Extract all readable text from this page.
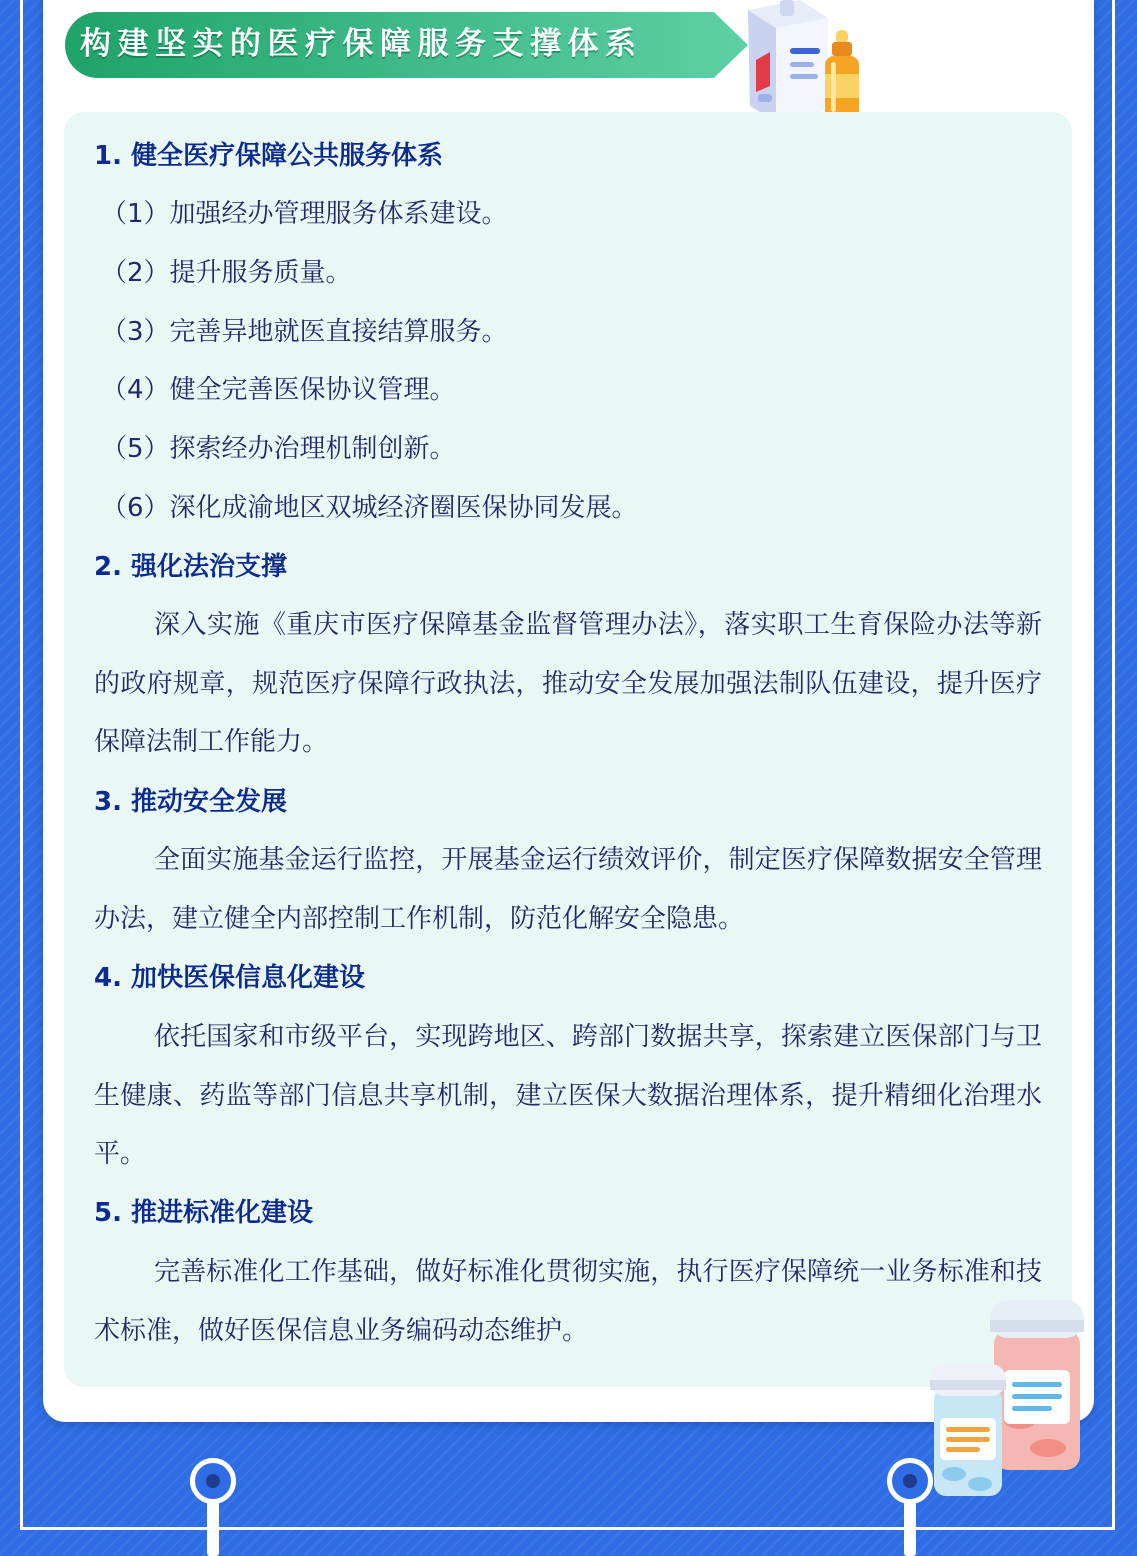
构建坚实的医疗保障服务支撑体系
1. 健全医疗保障公共服务体系
（1）加强经办管理服务体系建设。
（2）提升服务质量。
（3）完善异地就医直接结算服务。
（4）健全完善医保协议管理。
（5）探索经办治理机制创新。
（6）深化成渝地区双城经济圈医保协同发展。
2. 强化法治支撑

深入实施《重庆市医疗保障基金监督管理办法》，落实职工生育保险办法等新的政府规章，规范医疗保障行政执法，推动安全发展加强法制队伍建设，提升医疗保障法制工作能力。

3. 推动安全发展

全面实施基金运行监控，开展基金运行绩效评价，制定医疗保障数据安全管理办法，建立健全内部控制工作机制，防范化解安全隐患。

4. 加快医保信息化建设

依托国家和市级平台，实现跨地区、跨部门数据共享，探索建立医保部门与卫生健康、药监等部门信息共享机制，建立医保大数据治理体系，提升精细化治理水平。

5. 推进标准化建设

完善标准化工作基础，做好标准化贯彻实施，执行医疗保障统一业务标准和技术标准，做好医保信息业务编码动态维护。
